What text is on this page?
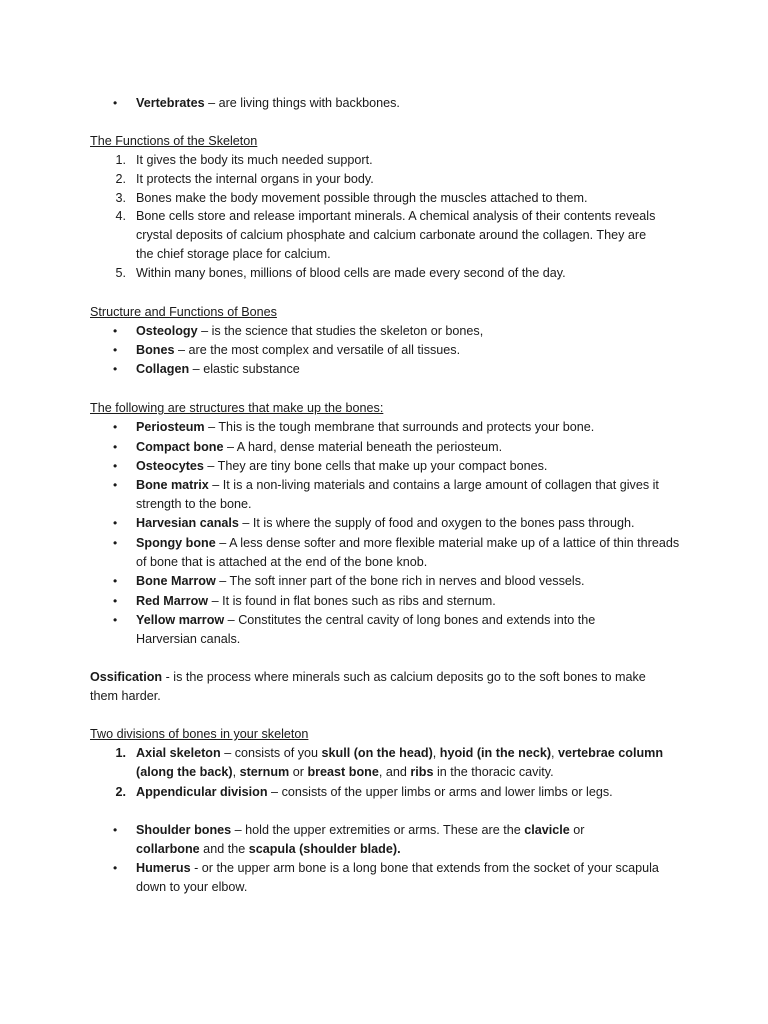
• Vertebrates – are living things with backbones.
The Functions of the Skeleton
1. It gives the body its much needed support.
2. It protects the internal organs in your body.
3. Bones make the body movement possible through the muscles attached to them.
4. Bone cells store and release important minerals. A chemical analysis of their contents reveals crystal deposits of calcium phosphate and calcium carbonate around the collagen. They are the chief storage place for calcium.
5. Within many bones, millions of blood cells are made every second of the day.
Structure and Functions of Bones
• Osteology – is the science that studies the skeleton or bones,
• Bones – are the most complex and versatile of all tissues.
• Collagen – elastic substance
The following are structures that make up the bones:
• Periosteum – This is the tough membrane that surrounds and protects your bone.
• Compact bone – A hard, dense material beneath the periosteum.
• Osteocytes – They are tiny bone cells that make up your compact bones.
• Bone matrix – It is a non-living materials and contains a large amount of collagen that gives it strength to the bone.
• Harvesian canals – It is where the supply of food and oxygen to the bones pass through.
• Spongy bone – A less dense softer and more flexible material make up of a lattice of thin threads of bone that is attached at the end of the bone knob.
• Bone Marrow – The soft inner part of the bone rich in nerves and blood vessels.
• Red Marrow – It is found in flat bones such as ribs and sternum.
• Yellow marrow – Constitutes the central cavity of long bones and extends into the Harversian canals.
Ossification - is the process where minerals such as calcium deposits go to the soft bones to make them harder.
Two divisions of bones in your skeleton
1. Axial skeleton – consists of you skull (on the head), hyoid (in the neck), vertebrae column (along the back), sternum or breast bone, and ribs in the thoracic cavity.
2. Appendicular division – consists of the upper limbs or arms and lower limbs or legs.
• Shoulder bones – hold the upper extremities or arms. These are the clavicle or collarbone and the scapula (shoulder blade).
• Humerus - or the upper arm bone is a long bone that extends from the socket of your scapula down to your elbow.
